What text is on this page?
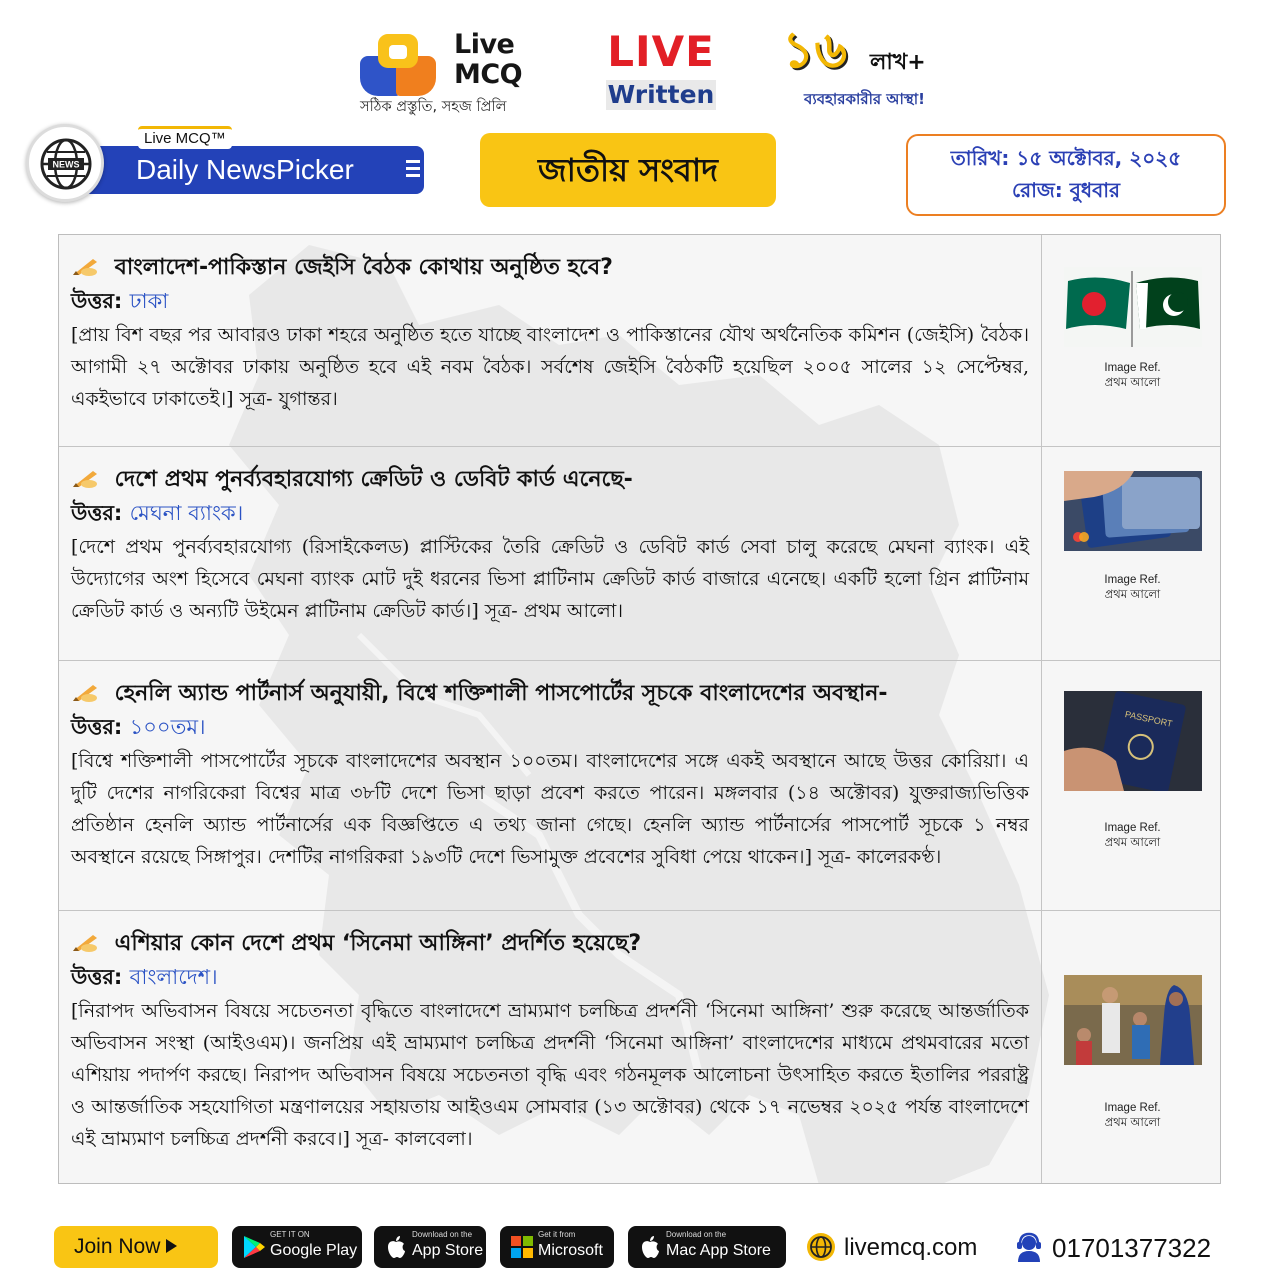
Live
MCQ
সঠিক প্রস্তুতি, সহজ প্রিলি
LIVE
Written
১৬ লাখ+
ব্যবহারকারীর আস্থা!
NEWS Daily NewsPicker
Live MCQ™
জাতীয় সংবাদ	তারিখ: ১৫ অক্টোবর, ২০২৫
রোজ: বুধবার
বাংলাদেশ-পাকিস্তান জেইসি বৈঠক কোথায় অনুষ্ঠিত হবে?
উত্তর: ঢাকা
[প্রায় বিশ বছর পর আবারও ঢাকা শহরে অনুষ্ঠিত হতে যাচ্ছে বাংলাদেশ ও পাকিস্তানের যৌথ অর্থনৈতিক কমিশন (জেইসি) বৈঠক। আগামী ২৭ অক্টোবর ঢাকায় অনুষ্ঠিত হবে এই নবম বৈঠক। সর্বশেষ জেইসি বৈঠকটি হয়েছিল ২০০৫ সালের ১২ সেপ্টেম্বর, একইভাবে ঢাকাতেই।] সূত্র- যুগান্তর।
Image Ref.
প্রথম আলো
দেশে প্রথম পুনর্ব্যবহারযোগ্য ক্রেডিট ও ডেবিট কার্ড এনেছে-
উত্তর: মেঘনা ব্যাংক।
[দেশে প্রথম পুনর্ব্যবহারযোগ্য (রিসাইকেলড) প্লাস্টিকের তৈরি ক্রেডিট ও ডেবিট কার্ড সেবা চালু করেছে মেঘনা ব্যাংক। এই উদ্যোগের অংশ হিসেবে মেঘনা ব্যাংক মোট দুই ধরনের ভিসা প্লাটিনাম ক্রেডিট কার্ড বাজারে এনেছে। একটি হলো গ্রিন প্লাটিনাম ক্রেডিট কার্ড ও অন্যটি উইমেন প্লাটিনাম ক্রেডিট কার্ড।] সূত্র- প্রথম আলো।
Image Ref.
প্রথম আলো
হেনলি অ্যান্ড পার্টনার্স অনুযায়ী, বিশ্বে শক্তিশালী পাসপোর্টের সূচকে বাংলাদেশের অবস্থান-
উত্তর: ১০০তম।
[বিশ্বে শক্তিশালী পাসপোর্টের সূচকে বাংলাদেশের অবস্থান ১০০তম। বাংলাদেশের সঙ্গে একই অবস্থানে আছে উত্তর কোরিয়া। এ দুটি দেশের নাগরিকেরা বিশ্বের মাত্র ৩৮টি দেশে ভিসা ছাড়া প্রবেশ করতে পারেন। মঙ্গলবার (১৪ অক্টোবর) যুক্তরাজ্যভিত্তিক প্রতিষ্ঠান হেনলি অ্যান্ড পার্টনার্সের এক বিজ্ঞপ্তিতে এ তথ্য জানা গেছে। হেনলি অ্যান্ড পার্টনার্সের পাসপোর্ট সূচকে ১ নম্বর অবস্থানে রয়েছে সিঙ্গাপুর। দেশটির নাগরিকরা ১৯৩টি দেশে ভিসামুক্ত প্রবেশের সুবিধা পেয়ে থাকেন।] সূত্র- কালেরকণ্ঠ।
PASSPORT
Image Ref.
প্রথম আলো
এশিয়ার কোন দেশে প্রথম ‘সিনেমা আঙ্গিনা’ প্রদর্শিত হয়েছে?
উত্তর: বাংলাদেশ।
[নিরাপদ অভিবাসন বিষয়ে সচেতনতা বৃদ্ধিতে বাংলাদেশে ভ্রাম্যমাণ চলচ্চিত্র প্রদর্শনী ‘সিনেমা আঙ্গিনা’ শুরু করেছে আন্তর্জাতিক অভিবাসন সংস্থা (আইওএম)। জনপ্রিয় এই ভ্রাম্যমাণ চলচ্চিত্র প্রদর্শনী ‘সিনেমা আঙ্গিনা’ বাংলাদেশের মাধ্যমে প্রথমবারের মতো এশিয়ায় পদার্পণ করছে। নিরাপদ অভিবাসন বিষয়ে সচেতনতা বৃদ্ধি এবং গঠনমূলক আলোচনা উৎসাহিত করতে ইতালির পররাষ্ট্র ও আন্তর্জাতিক সহযোগিতা মন্ত্রণালয়ের সহায়তায় আইওএম সোমবার (১৩ অক্টোবর) থেকে ১৭ নভেম্বর ২০২৫ পর্যন্ত বাংলাদেশে এই ভ্রাম্যমাণ চলচ্চিত্র প্রদর্শনী করবে।] সূত্র- কালবেলা।
Image Ref.
প্রথম আলো
Join Now
GET IT ON
Google Play
Download on the
App Store
Get it from
Microsoft
Download on the
Mac App Store	livemcq.com	01701377322
